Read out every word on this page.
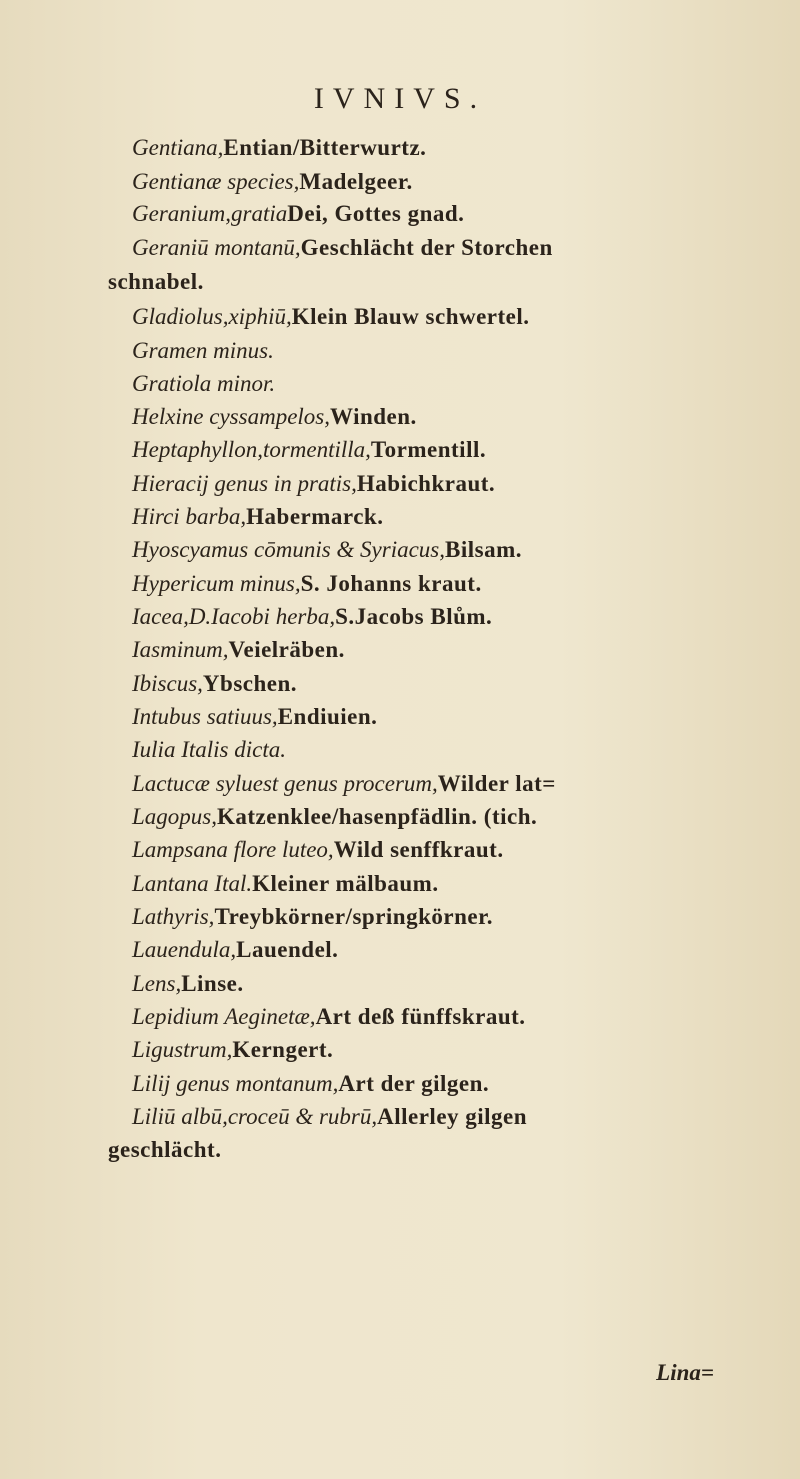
IVNIVS.
Gentiana,Entian/Bitterwurtz.
Gentianæ species,Madelgeer.
Geranium,gratiaDei, Gottes gnad.
Geraniū montanū,Geschlächt der Storchen
schnabel.
Gladiolus,xiphiū,Klein Blauw schwertel.
Gramen minus.
Gratiola minor.
Helxine cyssampelos,Winden.
Heptaphyllon,tormentilla,Tormentill.
Hieracij genus in pratis,Habichkraut.
Hirci barba,Habermarck.
Hyoscyamus cōmunis & Syriacus,Bilsam.
Hypericum minus,S. Johanns kraut.
Iacea,D.Iacobi herba,S.Jacobs Blům.
Iasminum,Veielräben.
Ibiscus,Ybschen.
Intubus satiuus,Endiuien.
Iulia Italis dicta.
Lactucæ syluest genus procerum,Wilder lat=
Lagopus,Katzenklee/hasenpfädlin. (tich.
Lampsana flore luteo,Wild senffkraut.
Lantana Ital.Kleiner mälbaum.
Lathyris,Treybkörner/springkörner.
Lauendula,Lauendel.
Lens,Linse.
Lepidium Aeginetæ,Art deß fünffskraut.
Ligustrum,Kerngert.
Lilij genus montanum,Art der gilgen.
Liliū albū,croceū & rubrū,Allerley gilgen
geschlächt.
Lina=
